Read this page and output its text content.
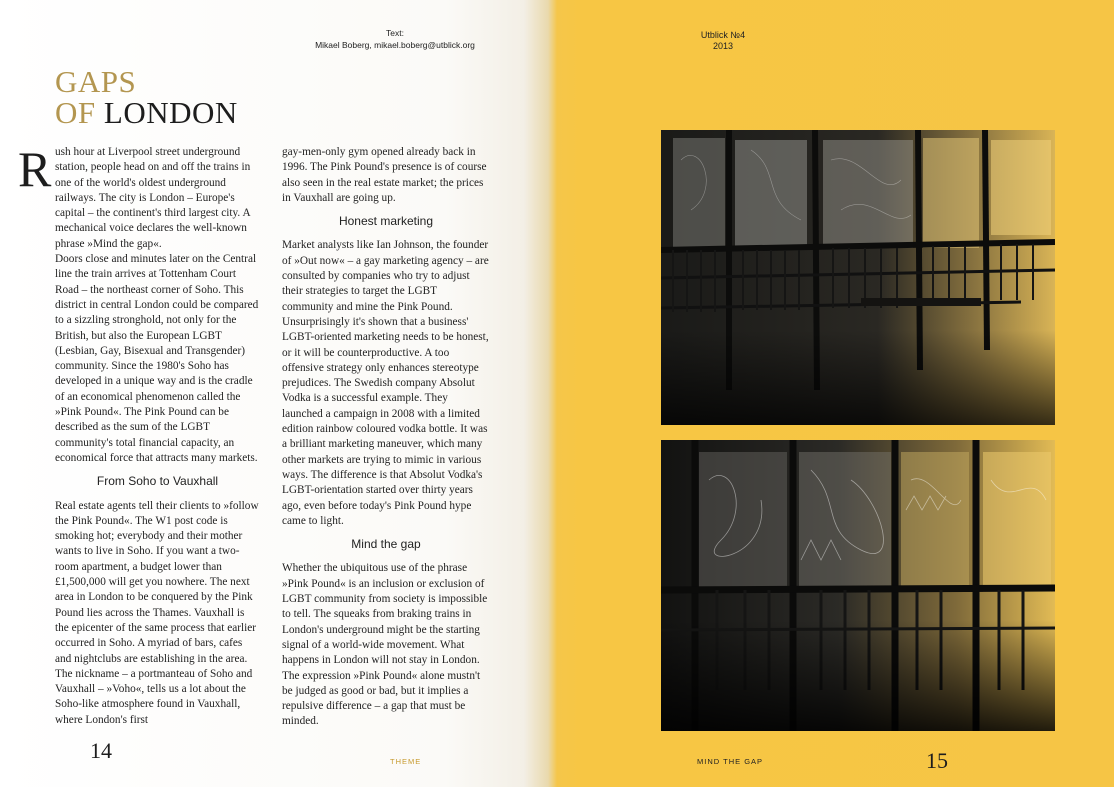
Text:
Mikael Boberg, mikael.boberg@utblick.org
Utblick №4
2013
GAPS
OF LONDON
R ush hour at Liverpool street underground station, people head on and off the trains in one of the world's oldest underground railways. The city is London – Europe's capital – the continent's third largest city. A mechanical voice declares the well-known phrase »Mind the gap«.

Doors close and minutes later on the Central line the train arrives at Tottenham Court Road – the northeast corner of Soho. This district in central London could be compared to a sizzling stronghold, not only for the British, but also the European LGBT (Lesbian, Gay, Bisexual and Transgender) community. Since the 1980's Soho has developed in a unique way and is the cradle of an economical phenomenon called the »Pink Pound«. The Pink Pound can be described as the sum of the LGBT community's total financial capacity, an economical force that attracts many markets.

From Soho to Vauxhall

Real estate agents tell their clients to »follow the Pink Pound«. The W1 post code is smoking hot; everybody and their mother wants to live in Soho. If you want a two-room apartment, a budget lower than £1,500,000 will get you nowhere. The next area in London to be conquered by the Pink Pound lies across the Thames. Vauxhall is the epicenter of the same process that earlier occurred in Soho. A myriad of bars, cafes and nightclubs are establishing in the area. The nickname – a portmanteau of Soho and Vauxhall – »Voho«, tells us a lot about the Soho-like atmosphere found in Vauxhall, where London's first

gay-men-only gym opened already back in 1996. The Pink Pound's presence is of course also seen in the real estate market; the prices in Vauxhall are going up.

Honest marketing

Market analysts like Ian Johnson, the founder of »Out now« – a gay marketing agency – are consulted by companies who try to adjust their strategies to target the LGBT community and mine the Pink Pound. Unsurprisingly it's shown that a business' LGBT-oriented marketing needs to be honest, or it will be counterproductive. A too offensive strategy only enhances stereotype prejudices. The Swedish company Absolut Vodka is a successful example. They launched a campaign in 2008 with a limited edition rainbow coloured vodka bottle. It was a brilliant marketing maneuver, which many other markets are trying to mimic in various ways. The difference is that Absolut Vodka's LGBT-orientation started over thirty years ago, even before today's Pink Pound hype came to light.

Mind the gap

Whether the ubiquitous use of the phrase »Pink Pound« is an inclusion or exclusion of LGBT community from society is impossible to tell. The squeaks from braking trains in London's underground might be the starting signal of a world-wide movement. What happens in London will not stay in London. The expression »Pink Pound« alone mustn't be judged as good or bad, but it implies a repulsive difference – a gap that must be minded.

14	THEME	MIND THE GAP	15
